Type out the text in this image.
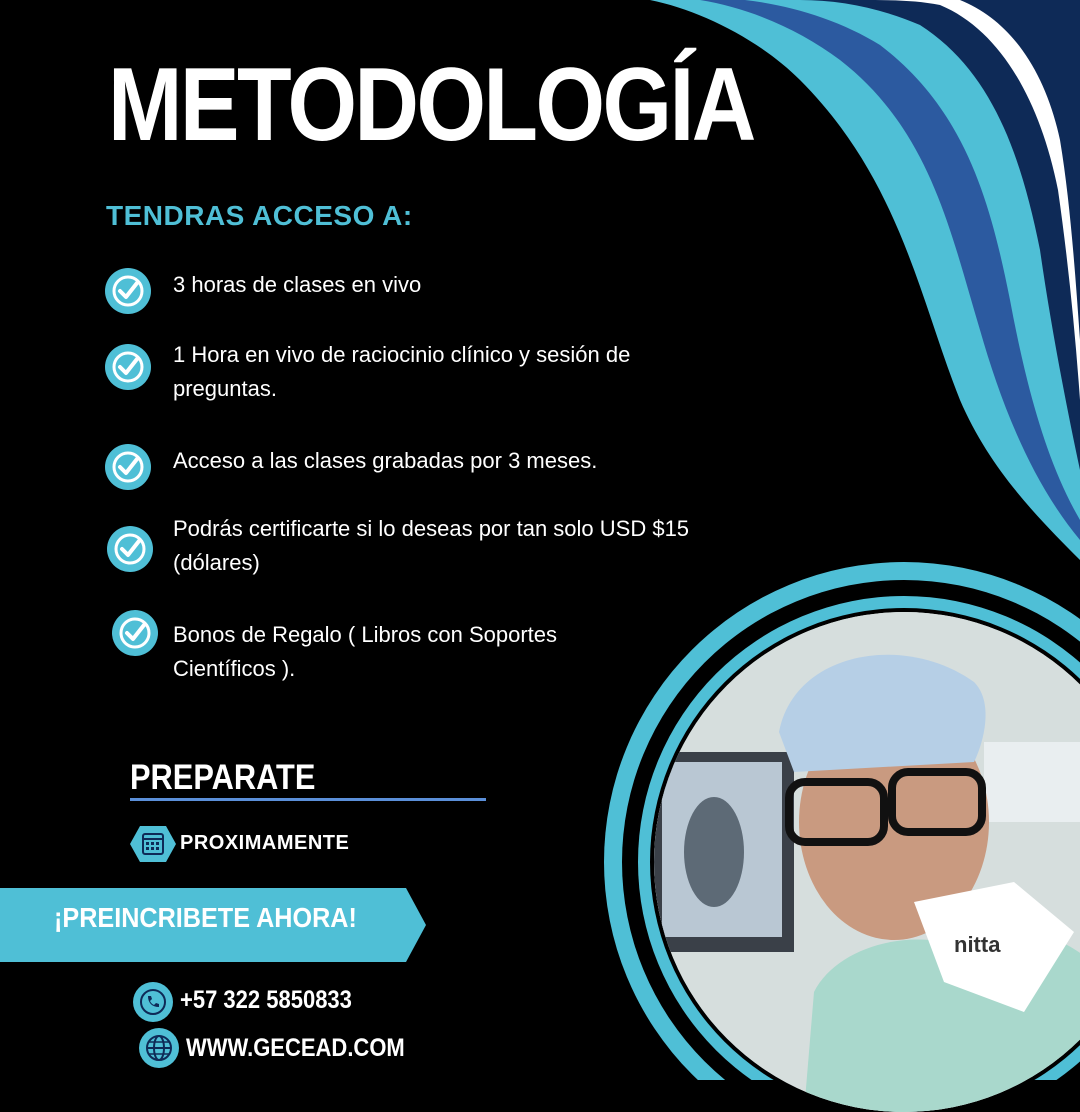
nitta
METODOLOGÍA
TENDRAS ACCESO A:
3 horas de clases en vivo
1 Hora en vivo de raciocinio clínico y sesión de preguntas.
Acceso a las clases grabadas por 3 meses.
Podrás certificarte si lo deseas por tan solo USD $15 (dólares)
Bonos de Regalo ( Libros con Soportes Científicos ).
PREPARATE
PROXIMAMENTE
¡PREINCRIBETE AHORA!
+57 322 5850833
WWW.GECEAD.COM
